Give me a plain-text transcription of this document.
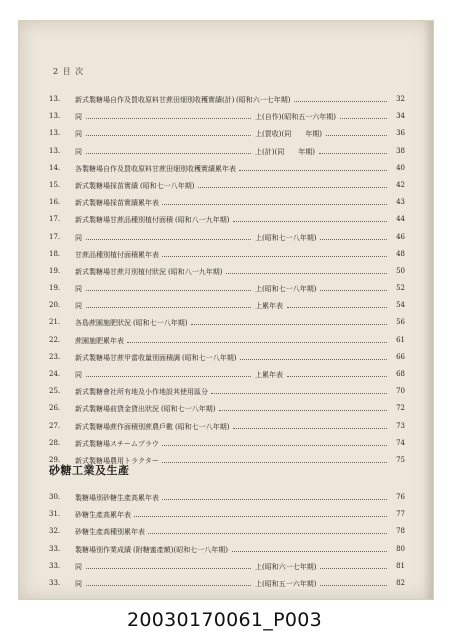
2 目 次
13.	新式製糖場自作及買收原料甘蔗田畑別收穫實績(計) (昭和六一七年期)	32
13.	同	上(自作)(昭和五一六年期)	34
13.	同	上(買收)(同　　年期)	36
13.	同	上(計)(同　　年期)	38
14.	各製糖場自作及買收原料甘蔗田畑別收穫實績累年表	40
15.	新式製糖場採苗實績 (昭和七一八年期)	42
16.	新式製糖場採苗實績累年表	43
17.	新式製糖場甘蔗品種別植付面積 (昭和八一九年期)	44
17.	同	上(昭和七一八年期)	46
18.	甘蔗品種別植付面積累年表	48
19.	新式製糖場甘蔗月別植付狀況 (昭和八一九年期)	50
19.	同	上(昭和七一八年期)	52
20.	同	上累年表	54
21.	各島蔗園施肥狀況 (昭和七一八年期)	56
22.	蔗園施肥累年表	61
23.	新式製糖場甘蔗甲當收量別面積調 (昭和七一八年期)	66
24.	同	上累年表	68
25.	新式製糖會社所有地及小作地設其使用區分	70
26.	新式製糖場前貸金貸出狀況 (昭和七一八年期)	72
27.	新式製糖場蔗作面積別蔗農戶數 (昭和七一八年期)	73
28.	新式製糖場スチームプラウ	74
29.	新式製糖場農用トラクター	75
砂糖工業及生產
30.	製糖場別砂糖生產高累年表	76
31.	砂糖生產高累年表	77
32.	砂糖生產高種別累年表	78
33.	製糖場別作業成績 (附糖蜜產額)(昭和七一八年期)	80
33.	同	上(昭和六一七年期)	81
33.	同	上(昭和五一六年期)	82
20030170061_P003
